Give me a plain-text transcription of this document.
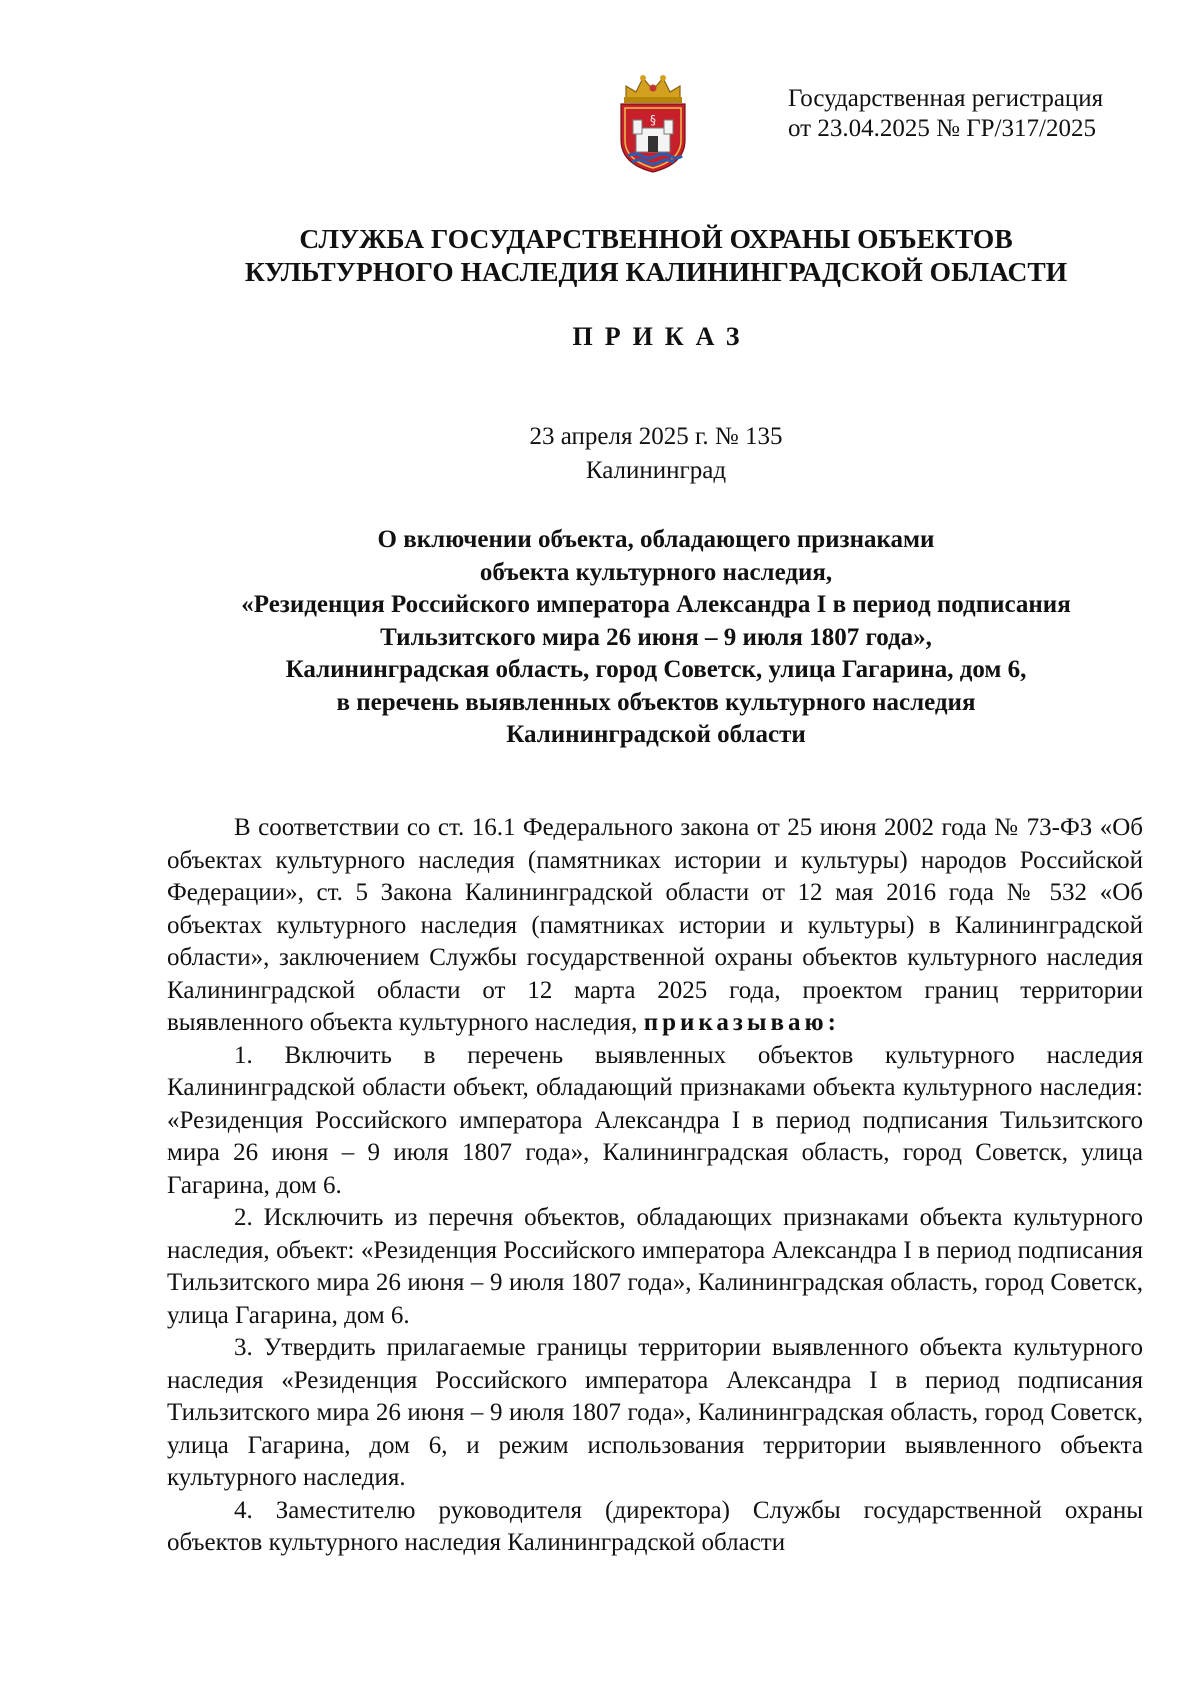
§
Государственная регистрация
от 23.04.2025 № ГР/317/2025
СЛУЖБА ГОСУДАРСТВЕННОЙ ОХРАНЫ ОБЪЕКТОВ
КУЛЬТУРНОГО НАСЛЕДИЯ КАЛИНИНГРАДСКОЙ ОБЛАСТИ
ПРИКАЗ
23 апреля 2025 г. № 135
Калининград
О включении объекта, обладающего признаками
объекта культурного наследия,
«Резиденция Российского императора Александра I в период подписания
Тильзитского мира 26 июня – 9 июля 1807 года»,
Калининградская область, город Советск, улица Гагарина, дом 6,
в перечень выявленных объектов культурного наследия
Калининградской области

В соответствии со ст. 16.1 Федерального закона от 25 июня 2002 года № 73-ФЗ «Об объектах культурного наследия (памятниках истории и культуры) народов Российской Федерации», ст. 5 Закона Калининградской области от 12 мая 2016 года № 532 «Об объектах культурного наследия (памятниках истории и культуры) в Калининградской области», заключением Службы государственной охраны объектов культурного наследия Калининградской области от 12 марта 2025 года, проектом границ территории выявленного объекта культурного наследия, приказываю:

1. Включить в перечень выявленных объектов культурного наследия Калининградской области объект, обладающий признаками объекта культурного наследия: «Резиденция Российского императора Александра I в период подписания Тильзитского мира 26 июня – 9 июля 1807 года», Калининградская область, город Советск, улица Гагарина, дом 6.

2. Исключить из перечня объектов, обладающих признаками объекта культурного наследия, объект: «Резиденция Российского императора Александра I в период подписания Тильзитского мира 26 июня – 9 июля 1807 года», Калининградская область, город Советск, улица Гагарина, дом 6.

3. Утвердить прилагаемые границы территории выявленного объекта культурного наследия «Резиденция Российского императора Александра I в период подписания Тильзитского мира 26 июня – 9 июля 1807 года», Калининградская область, город Советск, улица Гагарина, дом 6, и режим использования территории выявленного объекта культурного наследия.

4. Заместителю руководителя (директора) Службы государственной охраны объектов культурного наследия Калининградской области
